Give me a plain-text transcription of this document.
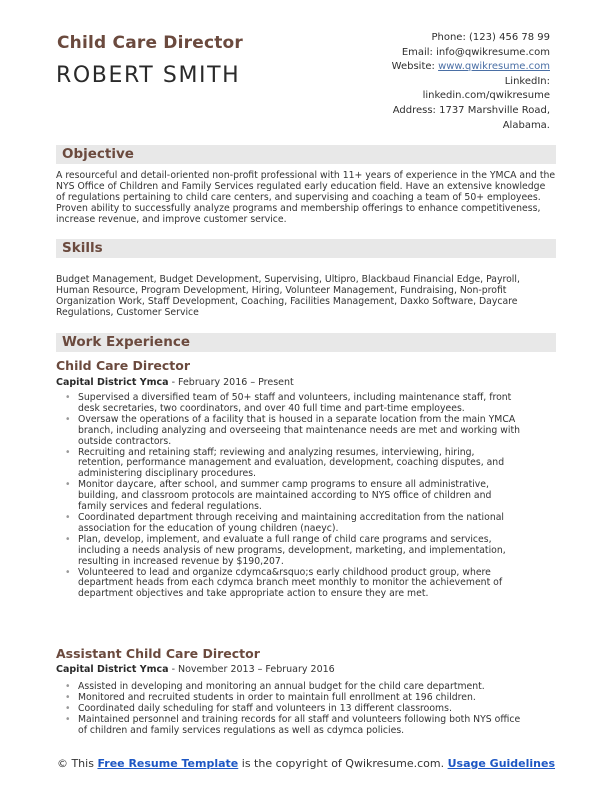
Child Care Director
ROBERT SMITH
Phone: (123) 456 78 99
Email: info@qwikresume.com
Website: www.qwikresume.com
LinkedIn:
linkedin.com/qwikresume
Address: 1737 Marshville Road,
Alabama.
Objective
A resourceful and detail-oriented non-profit professional with 11+ years of experience in the YMCA and the NYS Office of Children and Family Services regulated early education field. Have an extensive knowledge of regulations pertaining to child care centers, and supervising and coaching a team of 50+ employees. Proven ability to successfully analyze programs and membership offerings to enhance competitiveness, increase revenue, and improve customer service.
Skills
Budget Management, Budget Development, Supervising, Ultipro, Blackbaud Financial Edge, Payroll, Human Resource, Program Development, Hiring, Volunteer Management, Fundraising, Non-profit Organization Work, Staff Development, Coaching, Facilities Management, Daxko Software, Daycare Regulations, Customer Service
Work Experience
Child Care Director
Capital District Ymca - February 2016 – Present
• Supervised a diversified team of 50+ staff and volunteers, including maintenance staff, front desk secretaries, two coordinators, and over 40 full time and part-time employees.
• Oversaw the operations of a facility that is housed in a separate location from the main YMCA branch, including analyzing and overseeing that maintenance needs are met and working with outside contractors.
• Recruiting and retaining staff; reviewing and analyzing resumes, interviewing, hiring, retention, performance management and evaluation, development, coaching disputes, and administering disciplinary procedures.
• Monitor daycare, after school, and summer camp programs to ensure all administrative, building, and classroom protocols are maintained according to NYS office of children and family services and federal regulations.
• Coordinated department through receiving and maintaining accreditation from the national association for the education of young children (naeyc).
• Plan, develop, implement, and evaluate a full range of child care programs and services, including a needs analysis of new programs, development, marketing, and implementation, resulting in increased revenue by $190,207.
• Volunteered to lead and organize cdymca&rsquo;s early childhood product group, where department heads from each cdymca branch meet monthly to monitor the achievement of department objectives and take appropriate action to ensure they are met.
Assistant Child Care Director
Capital District Ymca - November 2013 – February 2016
• Assisted in developing and monitoring an annual budget for the child care department.
• Monitored and recruited students in order to maintain full enrollment at 196 children.
• Coordinated daily scheduling for staff and volunteers in 13 different classrooms.
• Maintained personnel and training records for all staff and volunteers following both NYS office of children and family services regulations as well as cdymca policies.
© This Free Resume Template is the copyright of Qwikresume.com. Usage Guidelines
